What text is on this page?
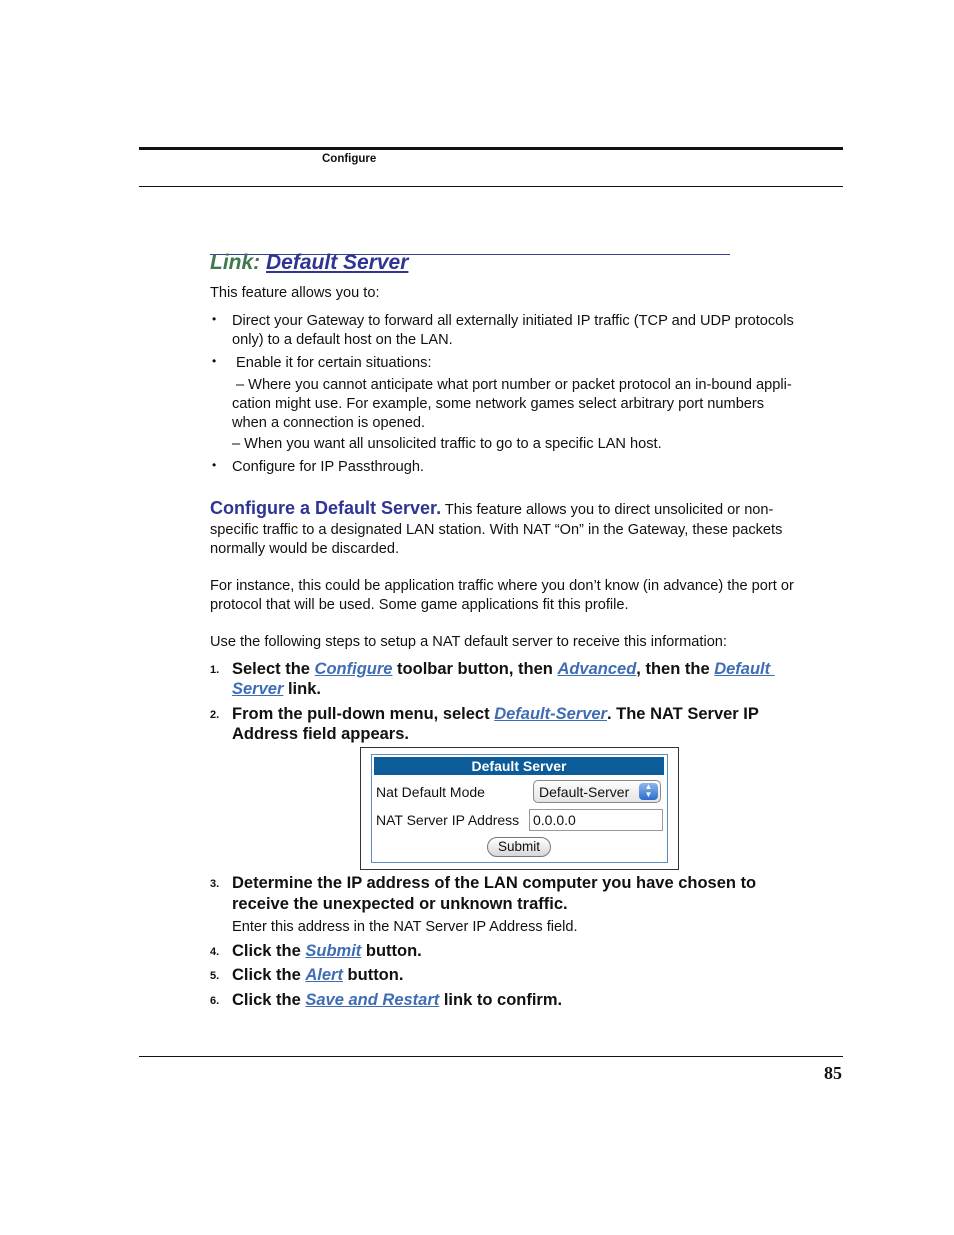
Configure
Link: Default Server
This feature allows you to:
• Direct your Gateway to forward all externally initiated IP traffic (TCP and UDP protocols
only) to a default host on the LAN.
• Enable it for certain situations:
– Where you cannot anticipate what port number or packet protocol an in-bound appli-
cation might use. For example, some network games select arbitrary port numbers
when a connection is opened.
– When you want all unsolicited traffic to go to a specific LAN host.
• Configure for IP Passthrough.
Configure a Default Server. This feature allows you to direct unsolicited or non-
specific traffic to a designated LAN station. With NAT “On” in the Gateway, these packets
normally would be discarded.
For instance, this could be application traffic where you don’t know (in advance) the port or
protocol that will be used. Some game applications fit this profile.
Use the following steps to setup a NAT default server to receive this information:
1. Select the Configure toolbar button, then Advanced, then the Default
Server link.
2. From the pull-down menu, select Default-Server. The NAT Server IP
Address field appears.
Default Server
Nat Default Mode	Default-Server	▲
▼
NAT Server IP Address 0.0.0.0
Submit
3. Determine the IP address of the LAN computer you have chosen to
receive the unexpected or unknown traffic.
Enter this address in the NAT Server IP Address field.
4. Click the Submit button.
5. Click the Alert button.
6. Click the Save and Restart link to confirm.
85
